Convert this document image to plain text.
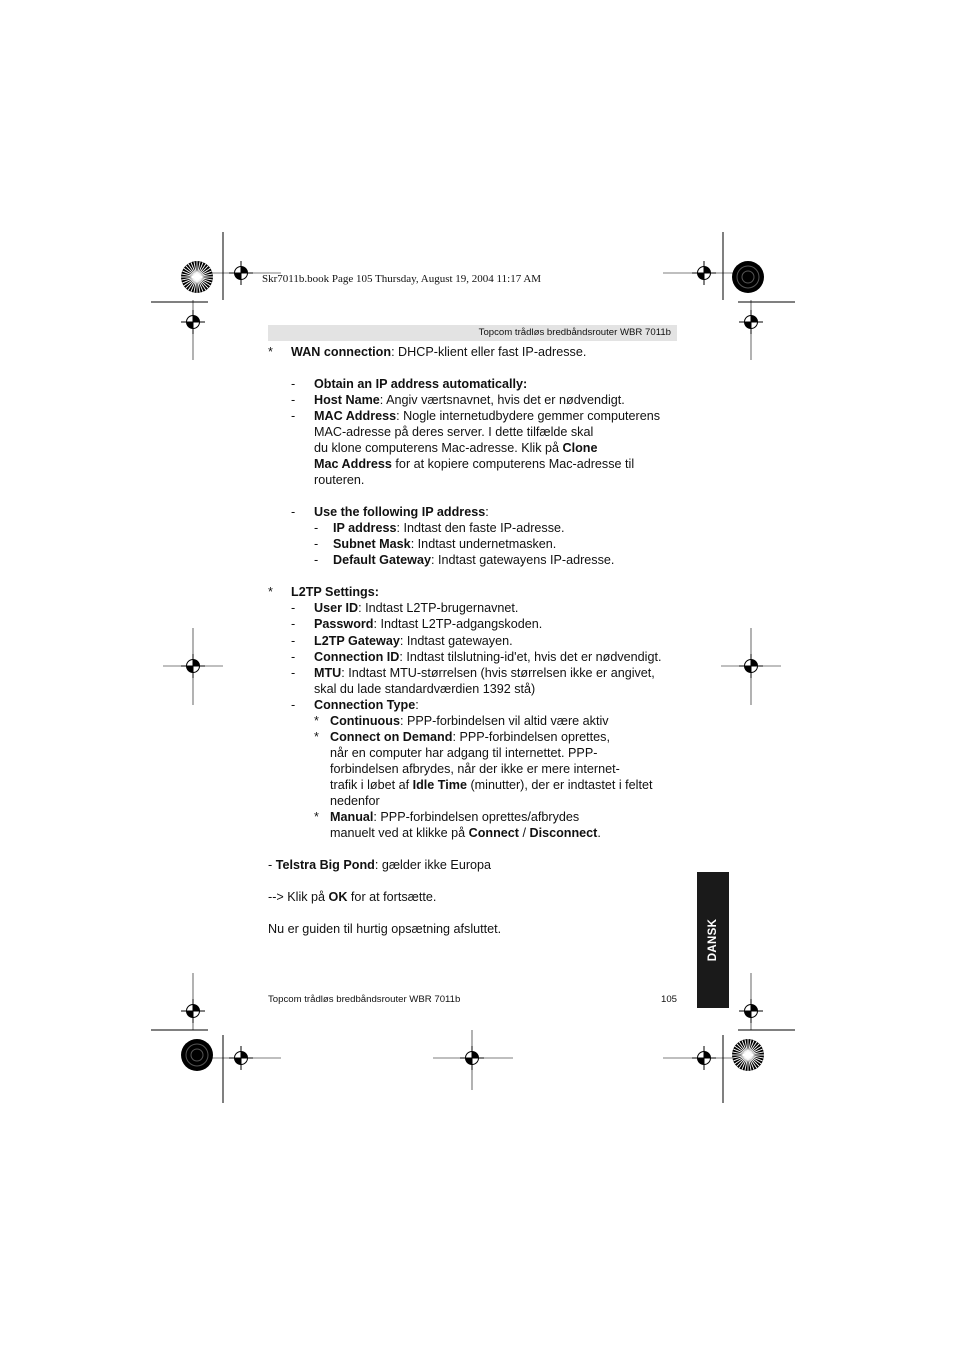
Skr7011b.book Page 105 Thursday, August 19, 2004 11:17 AM
Topcom trådløs bredbåndsrouter WBR 7011b
* WAN connection: DHCP-klient eller fast IP-adresse.
- Obtain an IP address automatically:
- Host Name: Angiv værtsnavnet, hvis det er nødvendigt.
- MAC Address: Nogle internetudbydere gemmer computerens
MAC-adresse på deres server. I dette tilfælde skal
du klone computerens Mac-adresse. Klik på Clone
Mac Address for at kopiere computerens Mac-adresse til
routeren.
- Use the following IP address:
- IP address: Indtast den faste IP-adresse.
- Subnet Mask: Indtast undernetmasken.
- Default Gateway: Indtast gatewayens IP-adresse.
* L2TP Settings:
- User ID: Indtast L2TP-brugernavnet.
- Password: Indtast L2TP-adgangskoden.
- L2TP Gateway: Indtast gatewayen.
- Connection ID: Indtast tilslutning-id'et, hvis det er nødvendigt.
- MTU: Indtast MTU-størrelsen (hvis størrelsen ikke er angivet,
skal du lade standardværdien 1392 stå)
- Connection Type:
* Continuous: PPP-forbindelsen vil altid være aktiv
* Connect on Demand: PPP-forbindelsen oprettes,
når en computer har adgang til internettet. PPP-
forbindelsen afbrydes, når der ikke er mere internet-
trafik i løbet af Idle Time (minutter), der er indtastet i feltet
nedenfor
* Manual: PPP-forbindelsen oprettes/afbrydes
manuelt ved at klikke på Connect / Disconnect.
- Telstra Big Pond: gælder ikke Europa
--> Klik på OK for at fortsætte.
Nu er guiden til hurtig opsætning afsluttet.	DANSK
Topcom trådløs bredbåndsrouter WBR 7011b	105
